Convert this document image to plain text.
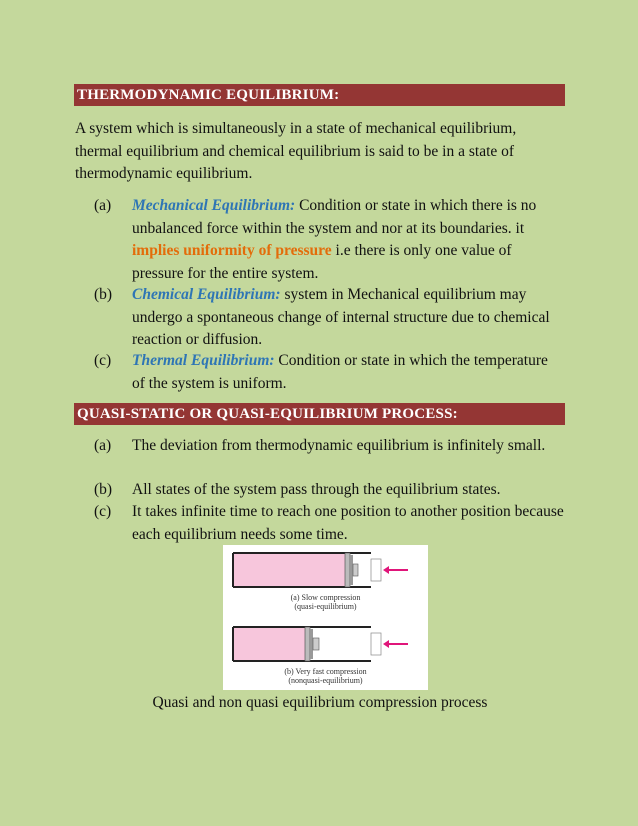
THERMODYNAMIC EQUILIBRIUM:
A system which is simultaneously in a state of mechanical equilibrium, thermal equilibrium and chemical equilibrium is said to be in a state of thermodynamic equilibrium.
(a) Mechanical Equilibrium: Condition or state in which there is no unbalanced force within the system and nor at its boundaries. it implies uniformity of pressure i.e there is only one value of pressure for the entire system.
(b) Chemical Equilibrium: system in Mechanical equilibrium may undergo a spontaneous change of internal structure due to chemical reaction or diffusion.
(c) Thermal Equilibrium: Condition or state in which the temperature of the system is uniform.
QUASI-STATIC OR QUASI-EQUILIBRIUM PROCESS:
(a) The deviation from thermodynamic equilibrium is infinitely small.
(b) All states of the system pass through the equilibrium states.
(c) It takes infinite time to reach one position to another position because each equilibrium needs some time.
(a) Slow compression
(quasi-equilibrium)
(b) Very fast compression
(nonquasi-equilibrium)
Quasi and non quasi equilibrium compression process
